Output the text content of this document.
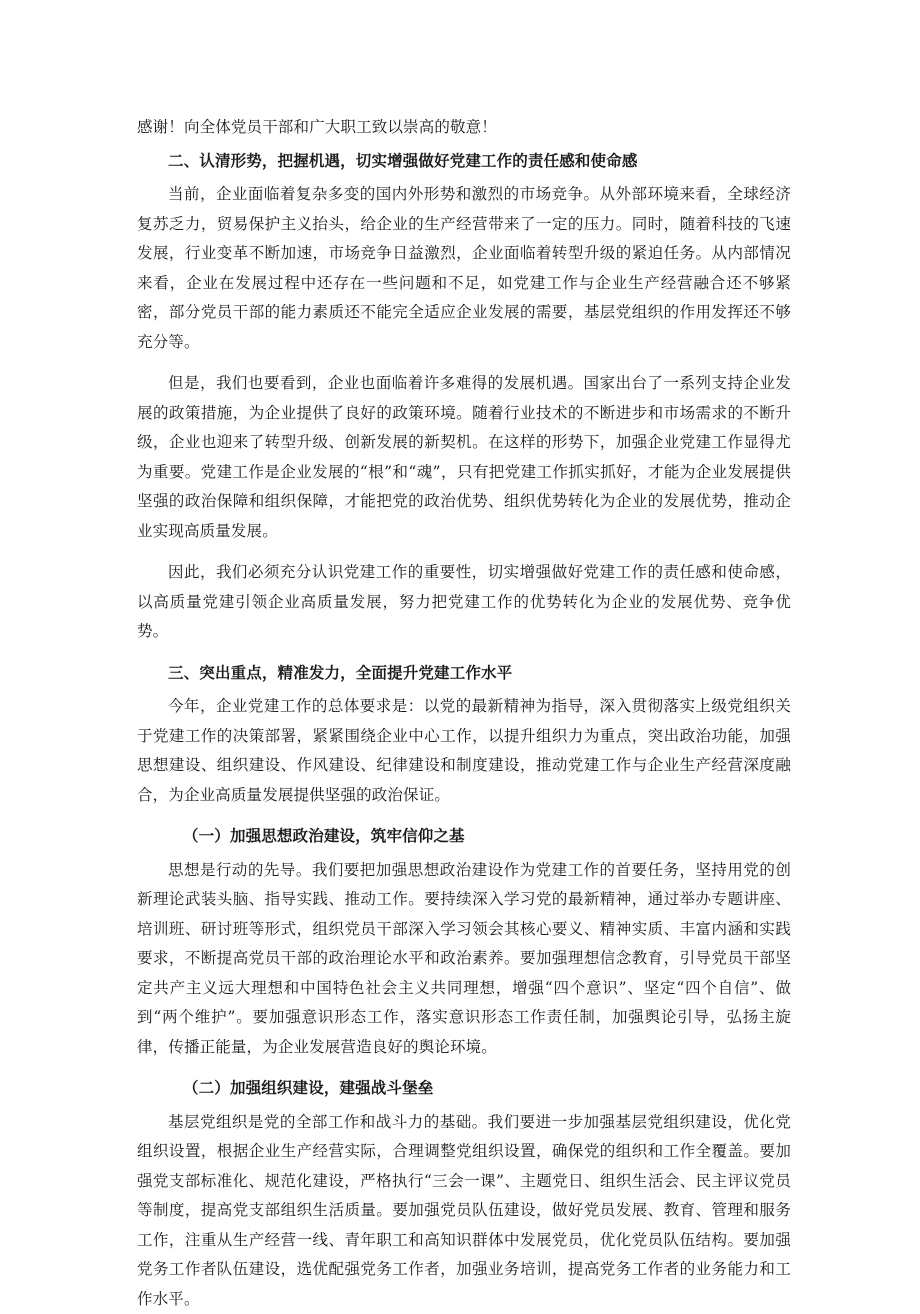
感谢！向全体党员干部和广大职工致以崇高的敬意！

二、认清形势，把握机遇，切实增强做好党建工作的责任感和使命感

当前，企业面临着复杂多变的国内外形势和激烈的市场竞争。从外部环境来看，全球经济复苏乏力，贸易保护主义抬头，给企业的生产经营带来了一定的压力。同时，随着科技的飞速发展，行业变革不断加速，市场竞争日益激烈，企业面临着转型升级的紧迫任务。从内部情况来看，企业在发展过程中还存在一些问题和不足，如党建工作与企业生产经营融合还不够紧密，部分党员干部的能力素质还不能完全适应企业发展的需要，基层党组织的作用发挥还不够充分等。

但是，我们也要看到，企业也面临着许多难得的发展机遇。国家出台了一系列支持企业发展的政策措施，为企业提供了良好的政策环境。随着行业技术的不断进步和市场需求的不断升级，企业也迎来了转型升级、创新发展的新契机。在这样的形势下，加强企业党建工作显得尤为重要。党建工作是企业发展的“根”和“魂”，只有把党建工作抓实抓好，才能为企业发展提供坚强的政治保障和组织保障，才能把党的政治优势、组织优势转化为企业的发展优势，推动企业实现高质量发展。

因此，我们必须充分认识党建工作的重要性，切实增强做好党建工作的责任感和使命感，以高质量党建引领企业高质量发展，努力把党建工作的优势转化为企业的发展优势、竞争优势。

三、突出重点，精准发力，全面提升党建工作水平

今年，企业党建工作的总体要求是：以党的最新精神为指导，深入贯彻落实上级党组织关于党建工作的决策部署，紧紧围绕企业中心工作，以提升组织力为重点，突出政治功能，加强思想建设、组织建设、作风建设、纪律建设和制度建设，推动党建工作与企业生产经营深度融合，为企业高质量发展提供坚强的政治保证。

（一）加强思想政治建设，筑牢信仰之基

思想是行动的先导。我们要把加强思想政治建设作为党建工作的首要任务，坚持用党的创新理论武装头脑、指导实践、推动工作。要持续深入学习党的最新精神，通过举办专题讲座、培训班、研讨班等形式，组织党员干部深入学习领会其核心要义、精神实质、丰富内涵和实践要求，不断提高党员干部的政治理论水平和政治素养。要加强理想信念教育，引导党员干部坚定共产主义远大理想和中国特色社会主义共同理想，增强“四个意识”、坚定“四个自信”、做到“两个维护”。要加强意识形态工作，落实意识形态工作责任制，加强舆论引导，弘扬主旋律，传播正能量，为企业发展营造良好的舆论环境。

（二）加强组织建设，建强战斗堡垒

基层党组织是党的全部工作和战斗力的基础。我们要进一步加强基层党组织建设，优化党组织设置，根据企业生产经营实际，合理调整党组织设置，确保党的组织和工作全覆盖。要加强党支部标准化、规范化建设，严格执行“三会一课”、主题党日、组织生活会、民主评议党员等制度，提高党支部组织生活质量。要加强党员队伍建设，做好党员发展、教育、管理和服务工作，注重从生产经营一线、青年职工和高知识群体中发展党员，优化党员队伍结构。要加强党务工作者队伍建设，选优配强党务工作者，加强业务培训，提高党务工作者的业务能力和工作水平。
